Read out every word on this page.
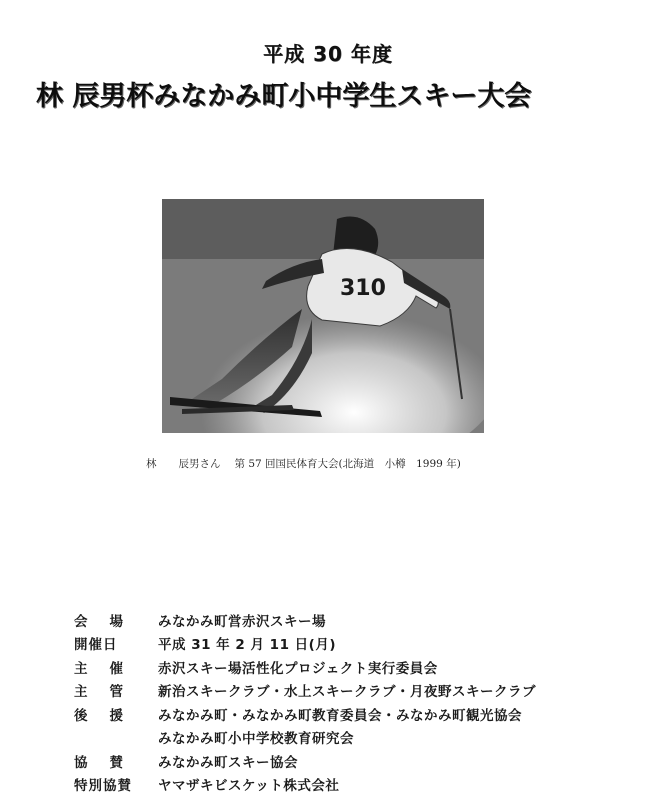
平成 30 年度
林 辰男杯みなかみ町小中学生スキー大会
310
林 辰男さん 第 57 回国民体育大会(北海道　小樽　1999 年)
会 場	みなかみ町営赤沢スキー場
開催日	平成 31 年 2 月 11 日(月)
主 催	赤沢スキー場活性化プロジェクト実行委員会
主 管	新治スキークラブ・水上スキークラブ・月夜野スキークラブ
後 援	みなかみ町・みなかみ町教育委員会・みなかみ町観光協会
みなかみ町小中学校教育研究会
協 賛	みなかみ町スキー協会
特別協賛	ヤマザキビスケット株式会社
